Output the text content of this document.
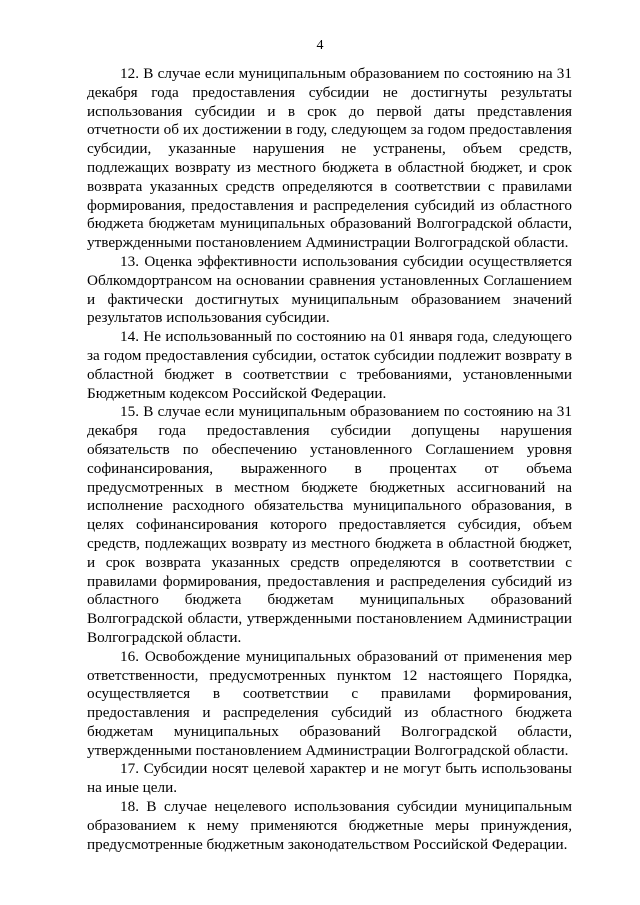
4

12. В случае если муниципальным образованием по состоянию на 31 декабря года предоставления субсидии не достигнуты результаты использования субсидии и в срок до первой даты представления отчетности об их достижении в году, следующем за годом предоставления субсидии, указанные нарушения не устранены, объем средств, подлежащих возврату из местного бюджета в областной бюджет, и срок возврата указанных средств определяются в соответствии с правилами формирования, предоставления и распределения субсидий из областного бюджета бюджетам муниципальных образований Волгоградской области, утвержденными постановлением Администрации Волгоградской области.

13. Оценка эффективности использования субсидии осуществляется Облкомдортрансом на основании сравнения установленных Соглашением и фактически достигнутых муниципальным образованием значений результатов использования субсидии.

14. Не использованный по состоянию на 01 января года, следующего за годом предоставления субсидии, остаток субсидии подлежит возврату в областной бюджет в соответствии с требованиями, установленными Бюджетным кодексом Российской Федерации.

15. В случае если муниципальным образованием по состоянию на 31 декабря года предоставления субсидии допущены нарушения обязательств по обеспечению установленного Соглашением уровня софинансирования, выраженного в процентах от объема предусмотренных в местном бюджете бюджетных ассигнований на исполнение расходного обязательства муниципального образования, в целях софинансирования которого предоставляется субсидия, объем средств, подлежащих возврату из местного бюджета в областной бюджет, и срок возврата указанных средств определяются в соответствии с правилами формирования, предоставления и распределения субсидий из областного бюджета бюджетам муниципальных образований Волгоградской области, утвержденными постановлением Администрации Волгоградской области.

16. Освобождение муниципальных образований от применения мер ответственности, предусмотренных пунктом 12 настоящего Порядка, осуществляется в соответствии с правилами формирования, предоставления и распределения субсидий из областного бюджета бюджетам муниципальных образований Волгоградской области, утвержденными постановлением Администрации Волгоградской области.

17. Субсидии носят целевой характер и не могут быть использованы на иные цели.

18. В случае нецелевого использования субсидии муниципальным образованием к нему применяются бюджетные меры принуждения, предусмотренные бюджетным законодательством Российской Федерации.
